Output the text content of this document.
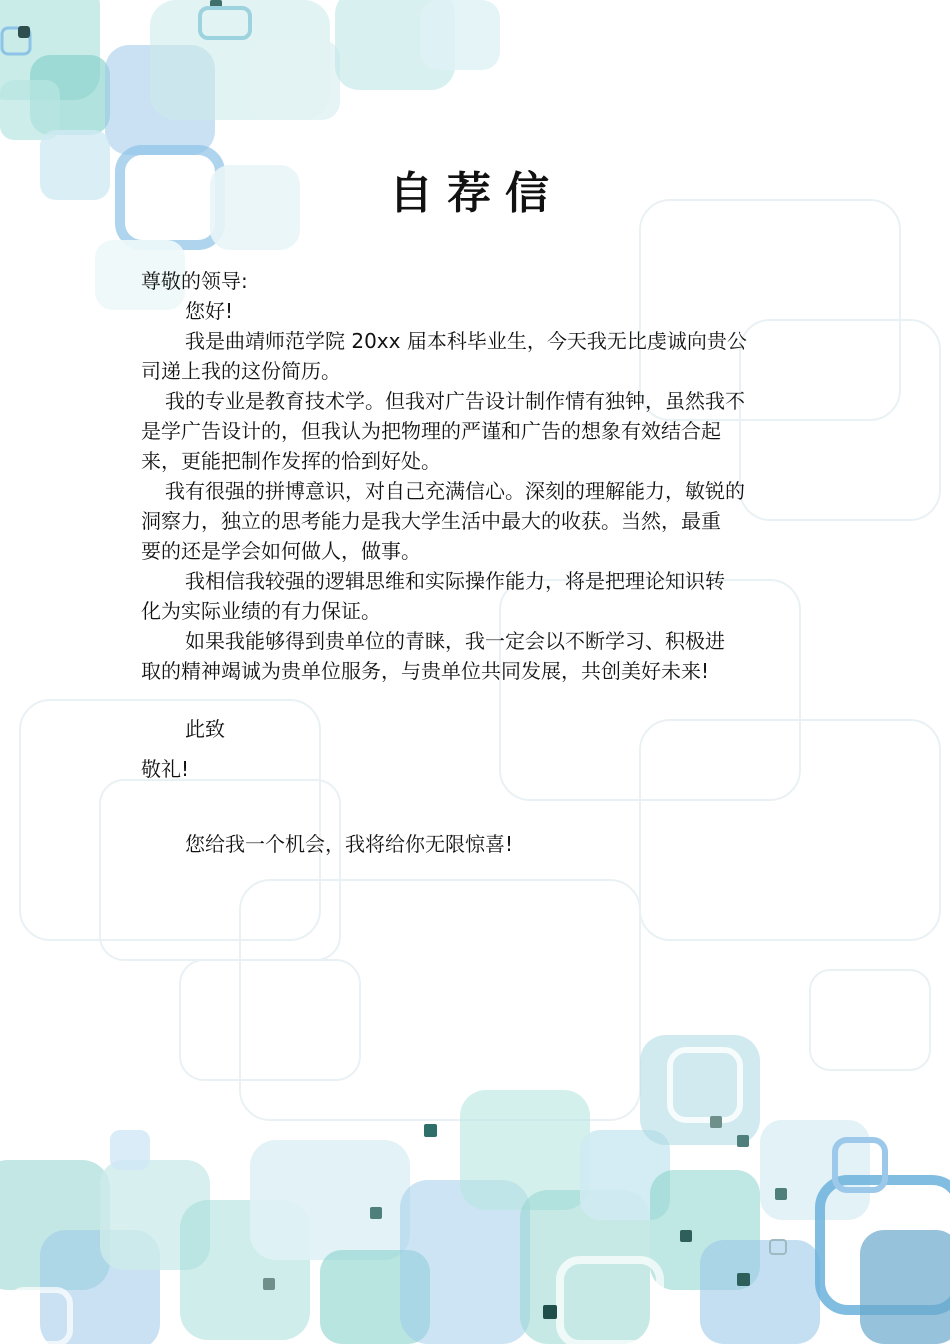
自荐信
尊敬的领导:
您好!
我是曲靖师范学院 20xx 届本科毕业生，今天我无比虔诚向贵公
司递上我的这份简历。
我的专业是教育技术学。但我对广告设计制作情有独钟，虽然我不
是学广告设计的，但我认为把物理的严谨和广告的想象有效结合起
来，更能把制作发挥的恰到好处。
我有很强的拼博意识，对自己充满信心。深刻的理解能力，敏锐的
洞察力，独立的思考能力是我大学生活中最大的收获。当然，最重
要的还是学会如何做人，做事。
我相信我较强的逻辑思维和实际操作能力，将是把理论知识转
化为实际业绩的有力保证。
如果我能够得到贵单位的青睐，我一定会以不断学习、积极进
取的精神竭诚为贵单位服务，与贵单位共同发展，共创美好未来!
此致
敬礼!
您给我一个机会，我将给你无限惊喜!
